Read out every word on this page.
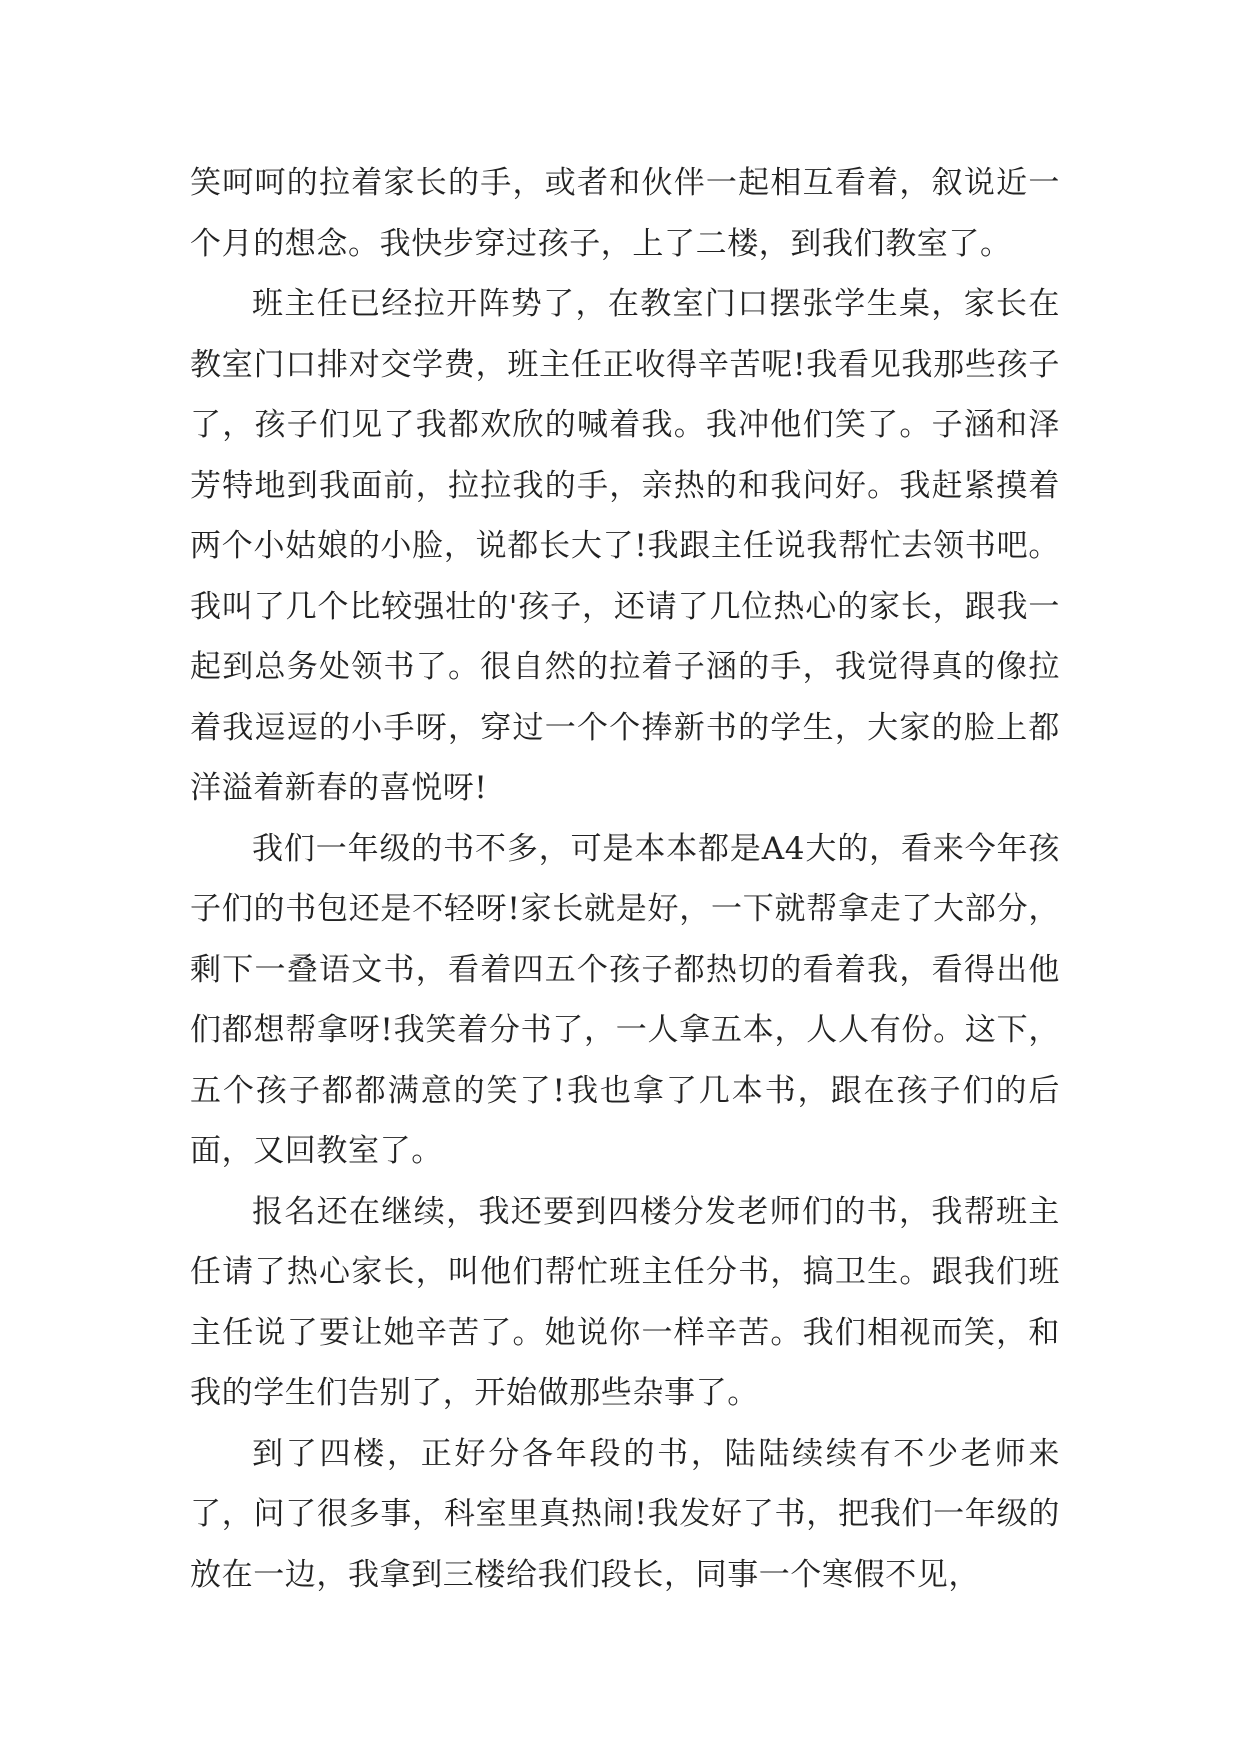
笑呵呵的拉着家长的手，或者和伙伴一起相互看着，叙说近一个月的想念。我快步穿过孩子，上了二楼，到我们教室了。

班主任已经拉开阵势了，在教室门口摆张学生桌，家长在教室门口排对交学费，班主任正收得辛苦呢!我看见我那些孩子了，孩子们见了我都欢欣的喊着我。我冲他们笑了。子涵和泽芳特地到我面前，拉拉我的手，亲热的和我问好。我赶紧摸着两个小姑娘的小脸，说都长大了!我跟主任说我帮忙去领书吧。我叫了几个比较强壮的'孩子，还请了几位热心的家长，跟我一起到总务处领书了。很自然的拉着子涵的手，我觉得真的像拉着我逗逗的小手呀，穿过一个个捧新书的学生，大家的脸上都洋溢着新春的喜悦呀!

我们一年级的书不多，可是本本都是A4大的，看来今年孩子们的书包还是不轻呀!家长就是好，一下就帮拿走了大部分，剩下一叠语文书，看着四五个孩子都热切的看着我，看得出他们都想帮拿呀!我笑着分书了，一人拿五本，人人有份。这下，五个孩子都都满意的笑了!我也拿了几本书，跟在孩子们的后面，又回教室了。

报名还在继续，我还要到四楼分发老师们的书，我帮班主任请了热心家长，叫他们帮忙班主任分书，搞卫生。跟我们班主任说了要让她辛苦了。她说你一样辛苦。我们相视而笑，和我的学生们告别了，开始做那些杂事了。

到了四楼，正好分各年段的书，陆陆续续有不少老师来了，问了很多事，科室里真热闹!我发好了书，把我们一年级的放在一边，我拿到三楼给我们段长，同事一个寒假不见，
